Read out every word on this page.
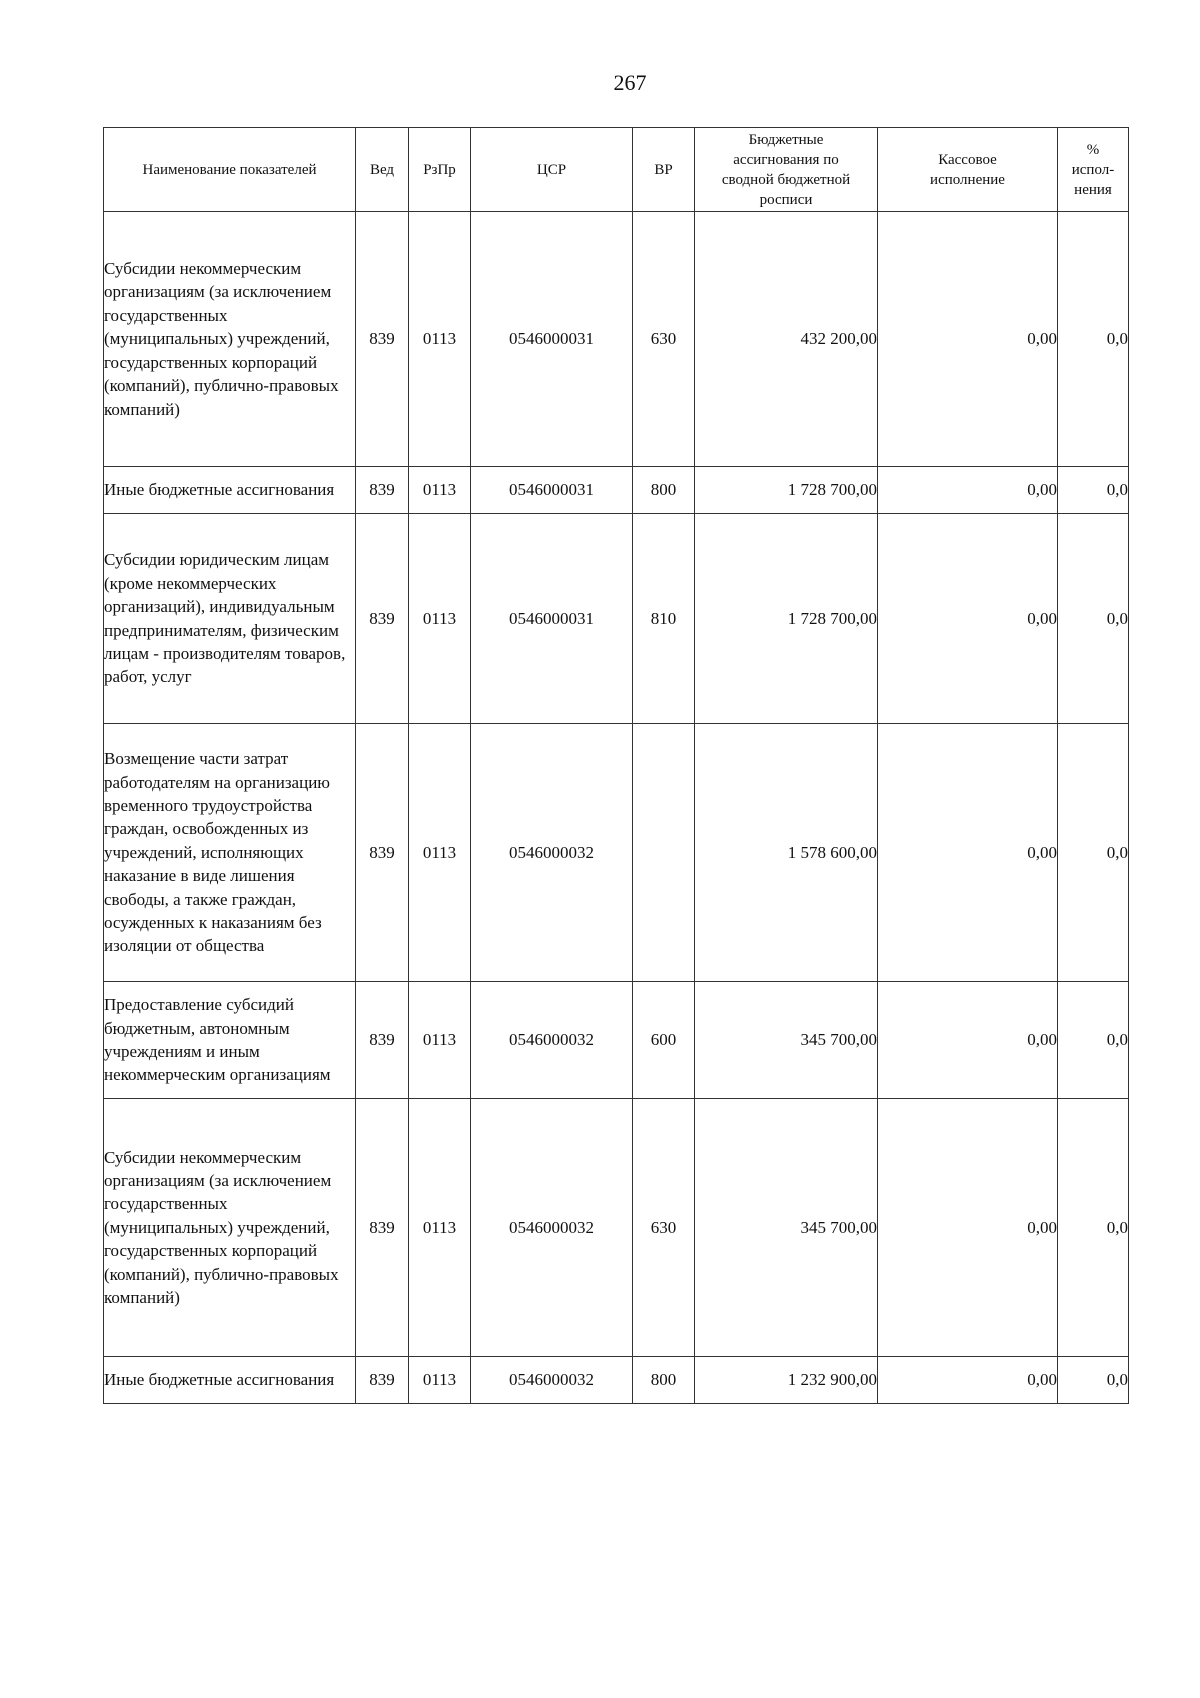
267
Наименование показателей	Вед	РзПр	ЦСР	ВР	Бюджетные ассигнования по сводной бюджетной росписи	Кассовое исполнение	% испол-нения
Субсидии некоммерческим организациям (за исключением государственных (муниципальных) учреждений, государственных корпораций (компаний), публично-правовых компаний)	839	0113	0546000031	630	432 200,00	0,00	0,0
Иные бюджетные ассигнования	839	0113	0546000031	800	1 728 700,00	0,00	0,0
Субсидии юридическим лицам (кроме некоммерческих организаций), индивидуальным предпринимателям, физическим лицам - производителям товаров, работ, услуг	839	0113	0546000031	810	1 728 700,00	0,00	0,0
Возмещение части затрат работодателям на организацию временного трудоустройства граждан, освобожденных из учреждений, исполняющих наказание в виде лишения свободы, а также граждан, осужденных к наказаниям без изоляции от общества	839	0113	0546000032		1 578 600,00	0,00	0,0
Предоставление субсидий бюджетным, автономным учреждениям и иным некоммерческим организациям	839	0113	0546000032	600	345 700,00	0,00	0,0
Субсидии некоммерческим организациям (за исключением государственных (муниципальных) учреждений, государственных корпораций (компаний), публично-правовых компаний)	839	0113	0546000032	630	345 700,00	0,00	0,0
Иные бюджетные ассигнования	839	0113	0546000032	800	1 232 900,00	0,00	0,0
